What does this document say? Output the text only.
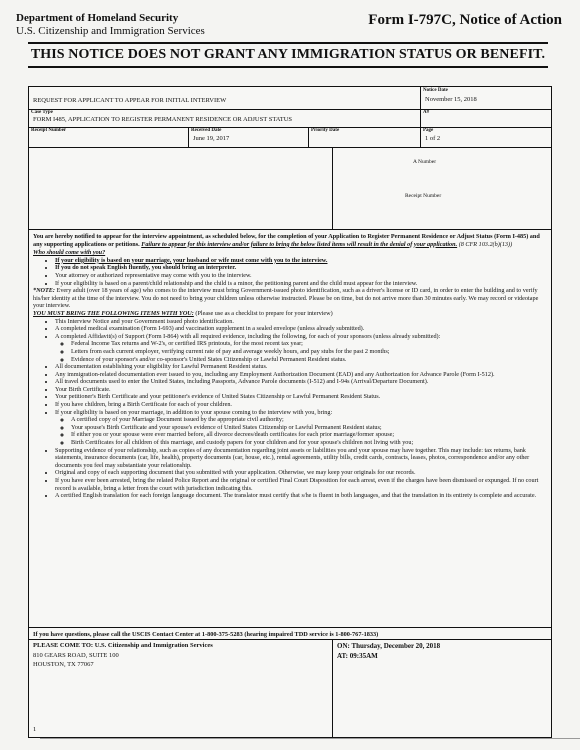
Department of Homeland Security
U.S. Citizenship and Immigration Services
Form I-797C, Notice of Action
THIS NOTICE DOES NOT GRANT ANY IMMIGRATION STATUS OR BENEFIT.
REQUEST FOR APPLICANT TO APPEAR FOR INITIAL INTERVIEW
Notice Date
November 15, 2018
Case Type
FORM I485, APPLICATION TO REGISTER PERMANENT RESIDENCE OR ADJUST STATUS
A#
Receipt Number	Received Date
June 19, 2017
Priority Date	Page
1 of 2
A Number
Receipt Number

You are hereby notified to appear for the interview appointment, as scheduled below, for the completion of your Application to Register Permanent Residence or Adjust Status (Form I-485) and any supporting applications or petitions. Failure to appear for this interview and/or failure to bring the below listed items will result in the denial of your application. (8 CFR 103.2(b)(13))

Who should come with you?

• If your eligibility is based on your marriage, your husband or wife must come with you to the interview.
• If you do not speak English fluently, you should bring an interpreter.
• Your attorney or authorized representative may come with you to the interview.
• If your eligibility is based on a parent/child relationship and the child is a minor, the petitioning parent and the child must appear for the interview.

*NOTE: Every adult (over 18 years of age) who comes to the interview must bring Government-issued photo identification, such as a driver's license or ID card, in order to enter the building and to verify his/her identity at the time of the interview. You do not need to bring your children unless otherwise instructed. Please be on time, but do not arrive more than 30 minutes early. We may record or videotape your interview.

YOU MUST BRING THE FOLLOWING ITEMS WITH YOU: (Please use as a checklist to prepare for your interview)

• This Interview Notice and your Government issued photo identification.
• A completed medical examination (Form I-693) and vaccination supplement in a sealed envelope (unless already submitted).
• A completed Affidavit(s) of Support (Form I-864) with all required evidence, including the following, for each of your sponsors (unless already submitted):
◦ Federal Income Tax returns and W-2's, or certified IRS printouts, for the most recent tax year;
◦ Letters from each current employer, verifying current rate of pay and average weekly hours, and pay stubs for the past 2 months;
◦ Evidence of your sponsor's and/or co-sponsor's United States Citizenship or Lawful Permanent Resident status.
• All documentation establishing your eligibility for Lawful Permanent Resident status.
• Any immigration-related documentation ever issued to you, including any Employment Authorization Document (EAD) and any Authorization for Advance Parole (Form I-512).
• All travel documents used to enter the United States, including Passports, Advance Parole documents (I-512) and I-94s (Arrival/Departure Document).
• Your Birth Certificate.
• Your petitioner's Birth Certificate and your petitioner's evidence of United States Citizenship or Lawful Permanent Resident Status.
• If you have children, bring a Birth Certificate for each of your children.
• If your eligibility is based on your marriage, in addition to your spouse coming to the interview with you, bring:
◦ A certified copy of your Marriage Document issued by the appropriate civil authority;
◦ Your spouse's Birth Certificate and your spouse's evidence of United States Citizenship or Lawful Permanent Resident status;
◦ If either you or your spouse were ever married before, all divorce decrees/death certificates for each prior marriage/former spouse;
◦ Birth Certificates for all children of this marriage, and custody papers for your children and for your spouse's children not living with you;
• Supporting evidence of your relationship, such as copies of any documentation regarding joint assets or liabilities you and your spouse may have together. This may include: tax returns, bank statements, insurance documents (car, life, health), property documents (car, house, etc.), rental agreements, utility bills, credit cards, contracts, leases, photos, correspondence and/or any other documents you feel may substantiate your relationship.
• Original and copy of each supporting document that you submitted with your application. Otherwise, we may keep your originals for our records.
• If you have ever been arrested, bring the related Police Report and the original or certified Final Court Disposition for each arrest, even if the charges have been dismissed or expunged. If no court record is available, bring a letter from the court with jurisdiction indicating this.
• A certified English translation for each foreign language document. The translator must certify that s/he is fluent in both languages, and that the translation in its entirety is complete and accurate.
If you have questions, please call the USCIS Contact Center at 1-800-375-5283 (hearing impaired TDD service is 1-800-767-1833)
PLEASE COME TO: U.S. Citizenship and Immigration Services
810 GEARS ROAD, SUITE 100
HOUSTON, TX 77067
1
ON: Thursday, December 20, 2018
AT: 09:35AM
